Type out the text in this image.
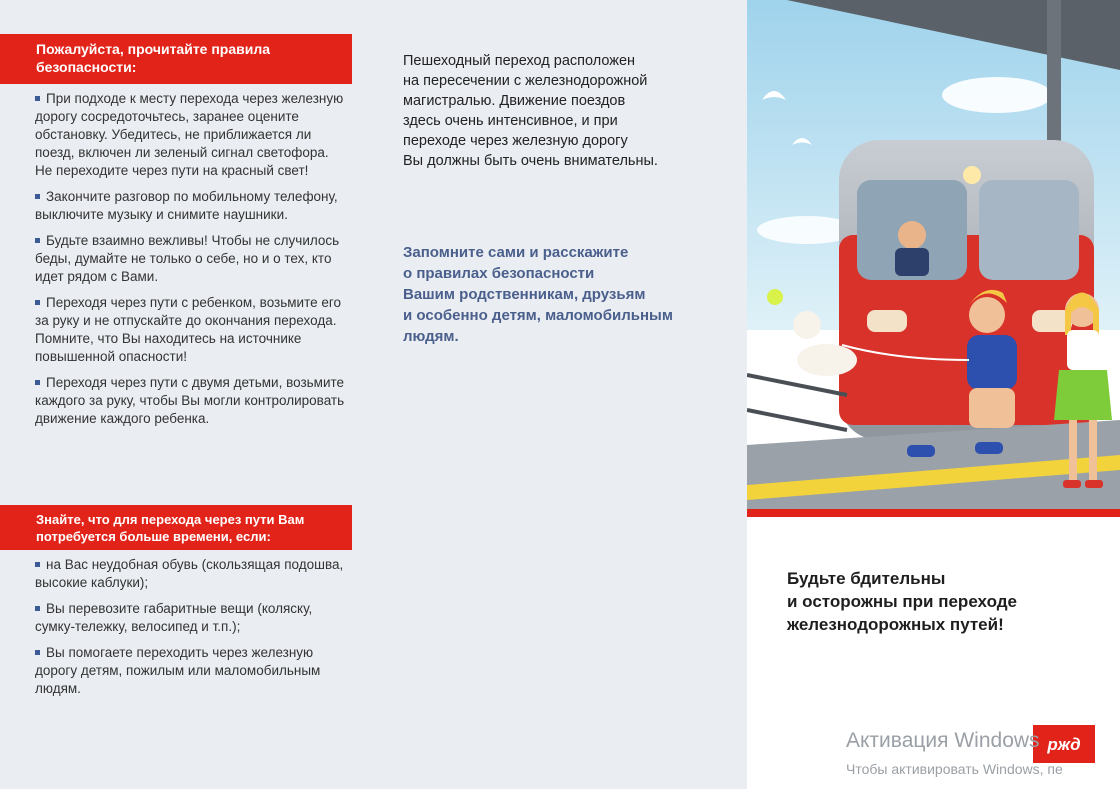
Пожалуйста, прочитайте правила
безопасности:
При подходе к месту перехода через железную дорогу сосредоточьтесь, заранее оцените обстановку. Убедитесь, не приближается ли поезд, включен ли зеленый сигнал светофора. Не переходите через пути на красный свет!
Закончите разговор по мобильному телефону, выключите музыку и снимите наушники.
Будьте взаимно вежливы! Чтобы не случилось беды, думайте не только о себе, но и о тех, кто идет рядом с Вами.
Переходя через пути с ребенком, возьмите его за руку и не отпускайте до окончания перехода. Помните, что Вы находитесь на источнике повышенной опасности!
Переходя через пути с двумя детьми, возьмите каждого за руку, чтобы Вы могли контролировать движение каждого ребенка.
Знайте, что для перехода через пути Вам
потребуется больше времени, если:
на Вас неудобная обувь (скользящая подошва, высокие каблуки);
Вы перевозите габаритные вещи (коляску, сумку-тележку, велосипед и т.п.);
Вы помогаете переходить через железную дорогу детям, пожилым или маломобильным людям.
Пешеходный переход расположен
на пересечении с железнодорожной
магистралью. Движение поездов
здесь очень интенсивное, и при
переходе через железную дорогу
Вы должны быть очень внимательны.
Запомните сами и расскажите
о правилах безопасности
Вашим родственникам, друзьям
и особенно детям, маломобильным
людям.
Будьте бдительны
и осторожны при переходе
железнодорожных путей!
ржд
Активация Windows
Чтобы активировать Windows, пе
